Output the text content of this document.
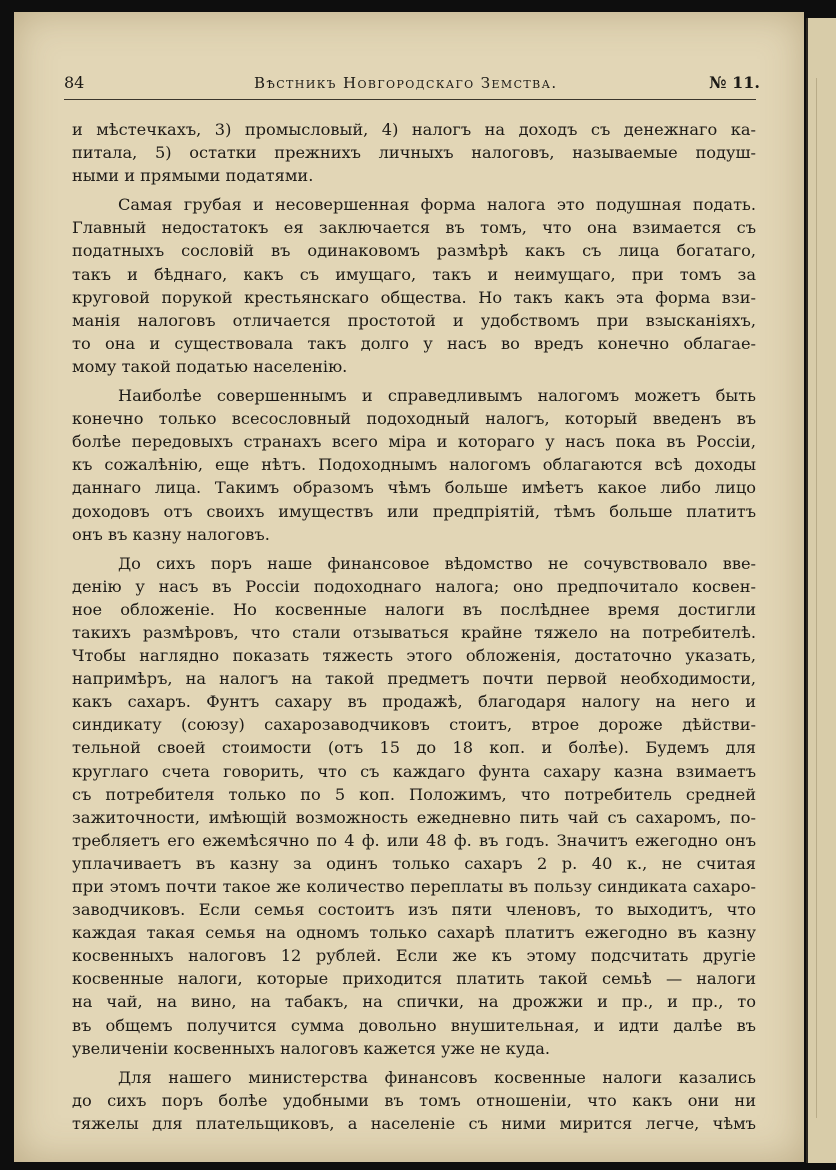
84	Вѣстникъ Новгородскаго Земства.	№ 11.
и мѣстечкахъ, 3) промысловый, 4) налогъ на доходъ съ денежнаго ка-
питала, 5) остатки прежнихъ личныхъ налоговъ, называемые подуш-
ными и прямыми податями.
Самая грубая и несовершенная форма налога это подушная подать.
Главный недостатокъ ея заключается въ томъ, что она взимается съ
податныхъ сословій въ одинаковомъ размѣрѣ какъ съ лица богатаго,
такъ и бѣднаго, какъ съ имущаго, такъ и неимущаго, при томъ за
круговой порукой крестьянскаго общества. Но такъ какъ эта форма взи-
манія налоговъ отличается простотой и удобствомъ при взысканіяхъ,
то она и существовала такъ долго у насъ во вредъ конечно облагае-
мому такой податью населенію.
Наиболѣе совершеннымъ и справедливымъ налогомъ можетъ быть
конечно только всесословный подоходный налогъ, который введенъ въ
болѣе передовыхъ странахъ всего міра и котораго у насъ пока въ Россіи,
къ сожалѣнію, еще нѣтъ. Подоходнымъ налогомъ облагаются всѣ доходы
даннаго лица. Такимъ образомъ чѣмъ больше имѣетъ какое либо лицо
доходовъ отъ своихъ имуществъ или предпріятій, тѣмъ больше платитъ
онъ въ казну налоговъ.
До сихъ поръ наше финансовое вѣдомство не сочувствовало вве-
денію у насъ въ Россіи подоходнаго налога; оно предпочитало косвен-
ное обложеніе. Но косвенные налоги въ послѣднее время достигли
такихъ размѣровъ, что стали отзываться крайне тяжело на потребителѣ.
Чтобы наглядно показать тяжесть этого обложенія, достаточно указать,
напримѣръ, на налогъ на такой предметъ почти первой необходимости,
какъ сахаръ. Фунтъ сахару въ продажѣ, благодаря налогу на него и
синдикату (союзу) сахарозаводчиковъ стоитъ, втрое дороже дѣйстви-
тельной своей стоимости (отъ 15 до 18 коп. и болѣе). Будемъ для
круглаго счета говорить, что съ каждаго фунта сахару казна взимаетъ
съ потребителя только по 5 коп. Положимъ, что потребитель средней
зажиточности, имѣющій возможность ежедневно пить чай съ сахаромъ, по-
требляетъ его ежемѣсячно по 4 ф. или 48 ф. въ годъ. Значитъ ежегодно онъ
уплачиваетъ въ казну за одинъ только сахаръ 2 р. 40 к., не считая
при этомъ почти такое же количество переплаты въ пользу синдиката сахаро-
заводчиковъ. Если семья состоитъ изъ пяти членовъ, то выходитъ, что
каждая такая семья на одномъ только сахарѣ платитъ ежегодно въ казну
косвенныхъ налоговъ 12 рублей. Если же къ этому подсчитать другіе
косвенные налоги, которые приходится платить такой семьѣ — налоги
на чай, на вино, на табакъ, на спички, на дрожжи и пр., и пр., то
въ общемъ получится сумма довольно внушительная, и идти далѣе въ
увеличеніи косвенныхъ налоговъ кажется уже не куда.
Для нашего министерства финансовъ косвенные налоги казались
до сихъ поръ болѣе удобными въ томъ отношеніи, что какъ они ни
тяжелы для плательщиковъ, а населеніе съ ними мирится легче, чѣмъ
